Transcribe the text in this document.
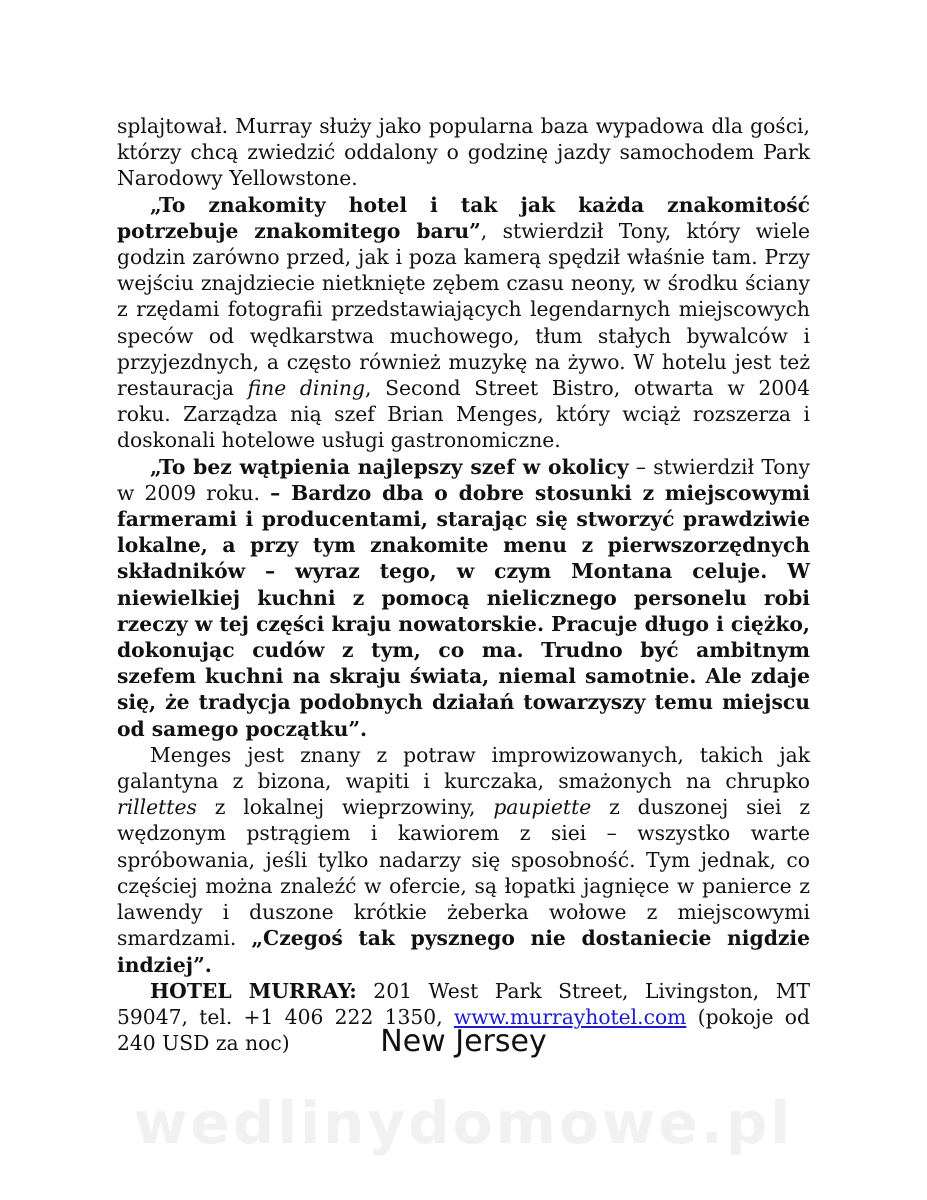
splajtował. Murray służy jako popularna baza wypadowa dla gości, którzy chcą zwiedzić oddalony o godzinę jazdy samochodem Park Narodowy Yellowstone.

„To znakomity hotel i tak jak każda znakomitość potrzebuje znakomitego baru”, stwierdził Tony, który wiele godzin zarówno przed, jak i poza kamerą spędził właśnie tam. Przy wejściu znajdziecie nietknięte zębem czasu neony, w środku ściany z rzędami fotografii przedstawiających legendarnych miejscowych speców od wędkarstwa muchowego, tłum stałych bywalców i przyjezdnych, a często również muzykę na żywo. W hotelu jest też restauracja fine dining, Second Street Bistro, otwarta w 2004 roku. Zarządza nią szef Brian Menges, który wciąż rozszerza i doskonali hotelowe usługi gastronomiczne.

„To bez wątpienia najlepszy szef w okolicy – stwierdził Tony w 2009 roku. – Bardzo dba o dobre stosunki z miejscowymi farmerami i producentami, starając się stworzyć prawdziwie lokalne, a przy tym znakomite menu z pierwszorzędnych składników – wyraz tego, w czym Montana celuje. W niewielkiej kuchni z pomocą nielicznego personelu robi rzeczy w tej części kraju nowatorskie. Pracuje długo i ciężko, dokonując cudów z tym, co ma. Trudno być ambitnym szefem kuchni na skraju świata, niemal samotnie. Ale zdaje się, że tradycja podobnych działań towarzyszy temu miejscu od samego początku”.

Menges jest znany z potraw improwizowanych, takich jak galantyna z bizona, wapiti i kurczaka, smażonych na chrupko rillettes z lokalnej wieprzowiny, paupiette z duszonej siei z wędzonym pstrągiem i kawiorem z siei – wszystko warte spróbowania, jeśli tylko nadarzy się sposobność. Tym jednak, co częściej można znaleźć w ofercie, są łopatki jagnięce w panierce z lawendy i duszone krótkie żeberka wołowe z miejscowymi smardzami. „Czegoś tak pysznego nie dostaniecie nigdzie indziej”.

HOTEL MURRAY: 201 West Park Street, Livingston, MT 59047, tel. +1 406 222 1350, www.murrayhotel.com (pokoje od 240 USD za noc)	New Jersey
wedlinydomowe.pl
